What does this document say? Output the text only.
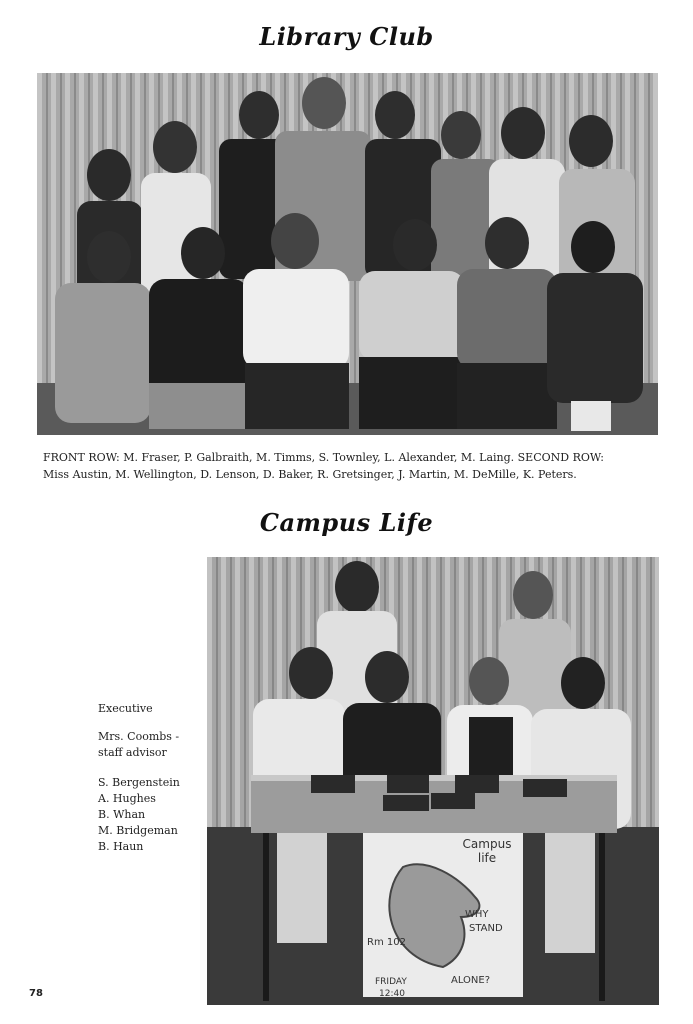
Library Club
FRONT ROW: M. Fraser, P. Galbraith, M. Timms, S. Townley, L. Alexander, M. Laing. SECOND ROW:
Miss Austin, M. Wellington, D. Lenson, D. Baker, R. Gretsinger, J. Martin, M. DeMille, K. Peters.
Campus Life
Executive
Mrs. Coombs -
staff advisor
S. Bergenstein
A. Hughes
B. Whan
M. Bridgeman
B. Haun	Campus
life
WHY
STAND
Rm 102
ALONE?
FRIDAY
12:40
78
